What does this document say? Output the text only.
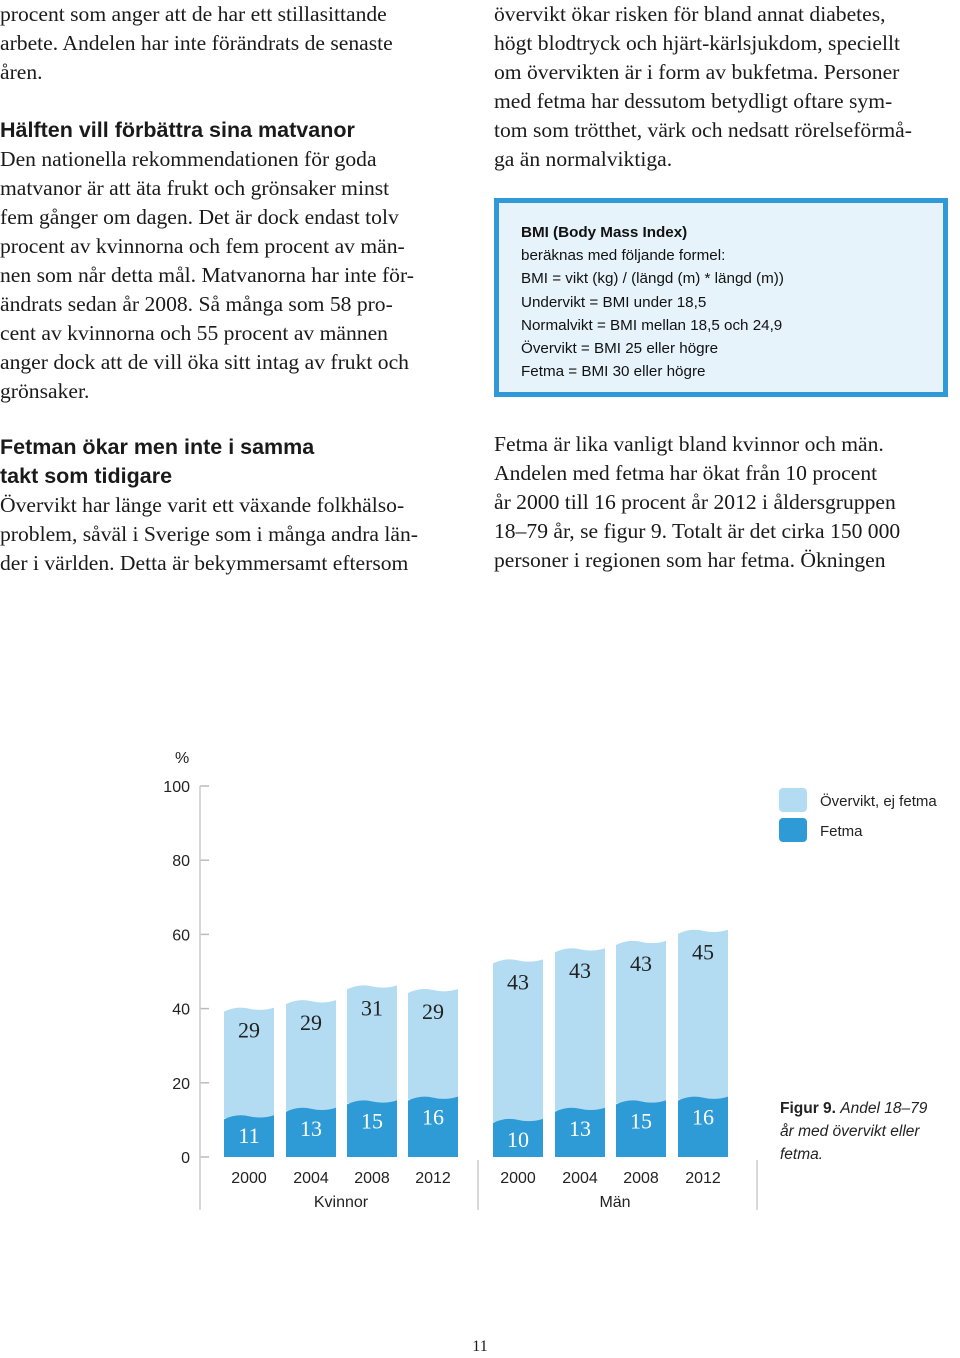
procent som anger att de har ett stillasittande
arbete. Andelen har inte förändrats de senaste
åren.

Hälften vill förbättra sina matvanor

Den nationella rekommendationen för goda
matvanor är att äta frukt och grönsaker minst
fem gånger om dagen. Det är dock endast tolv
procent av kvinnorna och fem procent av män-
nen som når detta mål. Matvanorna har inte för-
ändrats sedan år 2008. Så många som 58 pro-
cent av kvinnorna och 55 procent av männen
anger dock att de vill öka sitt intag av frukt och
grönsaker.

Fetman ökar men inte i samma
takt som tidigare

Övervikt har länge varit ett växande folkhälso-
problem, såväl i Sverige som i många andra län-
der i världen. Detta är bekymmersamt eftersom

övervikt ökar risken för bland annat diabetes,
högt blodtryck och hjärt-kärlsjukdom, speciellt
om övervikten är i form av bukfetma. Personer
med fetma har dessutom betydligt oftare sym-
tom som trötthet, värk och nedsatt rörelseförmå-
ga än normalviktiga.

BMI (Body Mass Index)
beräknas med följande formel:
BMI = vikt (kg) / (längd (m) * längd (m))
Undervikt = BMI under 18,5
Normalvikt = BMI mellan 18,5 och 24,9
Övervikt = BMI 25 eller högre
Fetma = BMI 30 eller högre

Fetma är lika vanligt bland kvinnor och män.
Andelen med fetma har ökat från 10 procent
år 2000 till 16 procent år 2012 i åldersgruppen
18–79 år, se figur 9. Totalt är det cirka 150 000
personer i regionen som har fetma. Ökningen

%
0
20
40
60
80
100
29
11
2000
29
13
2004
31
15
2008
29
16
2012
43
10
2000
43
13
2004
43
15
2008
45
16
2012
Kvinnor	Män
Övervikt, ej fetma
Fetma
Figur 9. Andel 18–79 år med övervikt eller fetma.
11
